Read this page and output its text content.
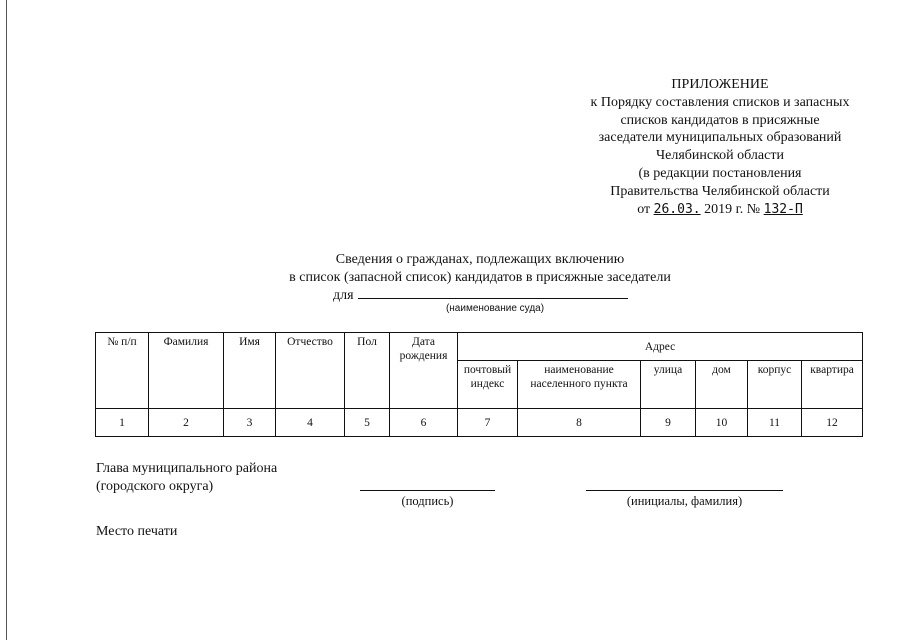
ПРИЛОЖЕНИЕ
к Порядку составления списков и запасных
списков кандидатов в присяжные
заседатели муниципальных образований
Челябинской области
(в редакции постановления
Правительства Челябинской области
от 26.03. 2019 г. № 132-П
Сведения о гражданах, подлежащих включению
в список (запасной список) кандидатов в присяжные заседатели
для
(наименование суда)
№ п/п	Фамилия	Имя	Отчество	Пол	Дата рождения	Адрес					
						почтовый индекс	наименование населенного пункта	улица	дом	корпус	квартира
1	2	3	4	5	6	7	8	9	10	11	12
Глава муниципального района
(городского округа)
(подпись)	(инициалы, фамилия)
Место печати
